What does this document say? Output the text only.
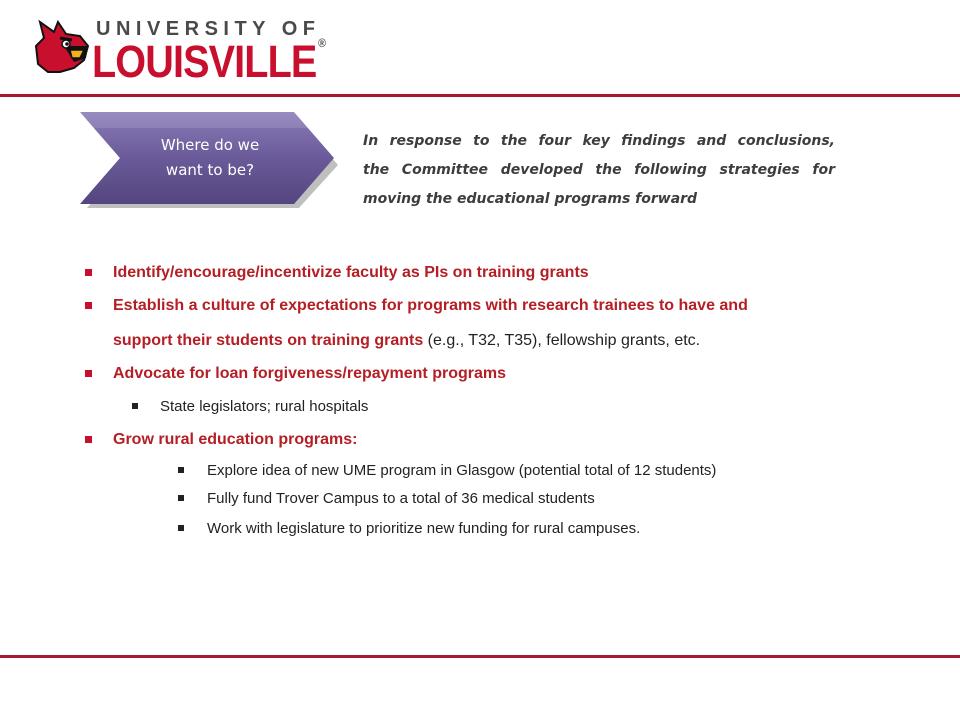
UNIVERSITY OF
LOUISVILLE ®
Where do we
want to be?
In response to the four key findings and conclusions,
the Committee developed the following strategies for
moving the educational programs forward
Identify/encourage/incentivize faculty as PIs on training grants
Establish a culture of expectations for programs with research trainees to have and
support their students on training grants (e.g., T32, T35), fellowship grants, etc.
Advocate for loan forgiveness/repayment programs
State legislators; rural hospitals
Grow rural education programs:
Explore idea of new UME program in Glasgow (potential total of 12 students)
Fully fund Trover Campus to a total of 36 medical students
Work with legislature to prioritize new funding for rural campuses.
